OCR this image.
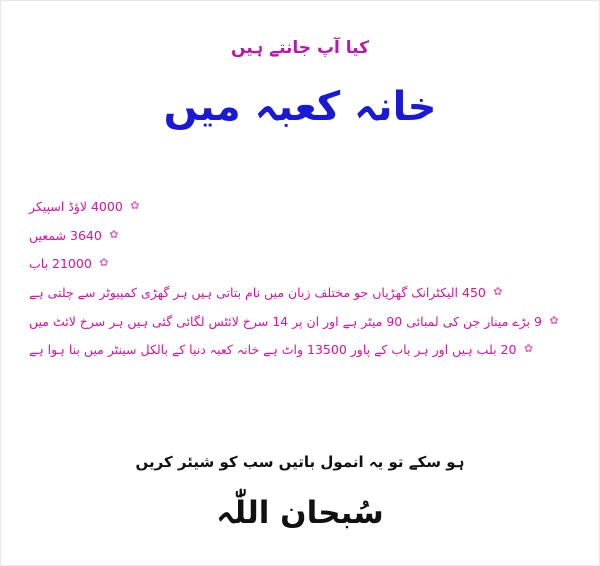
کیا آپ جانتے ہیں
خانہ کعبہ میں
✿
4000 لاؤڈ اسپیکر
✿
3640 شمعیں
✿
21000 باب
✿
450 الیکٹرانک گھڑیاں جو مختلف زبان میں نام بتاتی ہیں ہر گھڑی کمپیوٹر سے چلتی ہے
✿
9 بڑے مینار جن کی لمبائی 90 میٹر ہے اور ان پر 14 سرخ لائٹس لگائی گئی ہیں ہر سرخ لائٹ میں
✿
20 بلب ہیں اور ہر باب کے پاور 13500 واٹ ہے خانہ کعبہ دنیا کے بالکل سینٹر میں بنا ہوا ہے
ہو سکے تو یہ انمول باتیں سب کو شیئر کریں
سُبحان اللّٰہ
